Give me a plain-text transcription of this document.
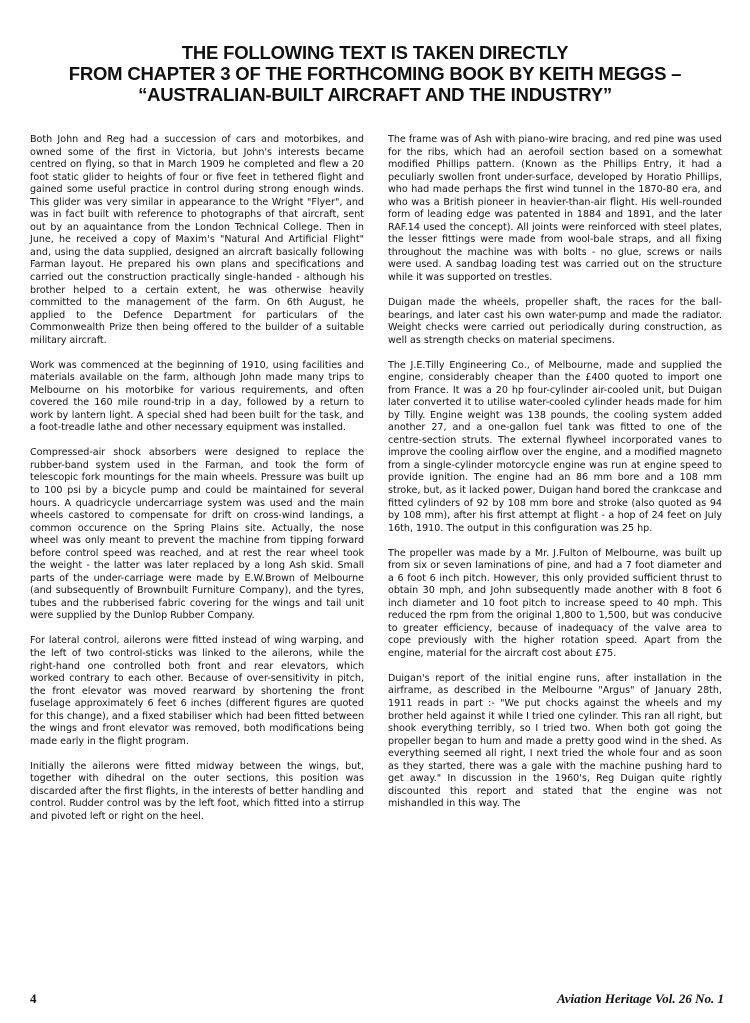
THE FOLLOWING TEXT IS TAKEN DIRECTLY
FROM CHAPTER 3 OF THE FORTHCOMING BOOK BY KEITH MEGGS –
“AUSTRALIAN-BUILT AIRCRAFT AND THE INDUSTRY”

Both John and Reg had a succession of cars and motorbikes, and owned some of the first in Victoria, but John's interests became centred on flying, so that in March 1909 he completed and flew a 20 foot static glider to heights of four or five feet in tethered flight and gained some useful practice in control during strong enough winds. This glider was very similar in appearance to the Wright "Flyer", and was in fact built with reference to photographs of that aircraft, sent out by an aquaintance from the London Technical College. Then in June, he received a copy of Maxim's "Natural And Artificial Flight" and, using the data supplied, designed an aircraft basically following Farman layout. He prepared his own plans and specifications and carried out the construction practically single-handed - although his brother helped to a certain extent, he was otherwise heavily committed to the management of the farm. On 6th August, he applied to the Defence Department for particulars of the Commonwealth Prize then being offered to the builder of a suitable military aircraft.

Work was commenced at the beginning of 1910, using facilities and materials available on the farm, although John made many trips to Melbourne on his motorbike for various requirements, and often covered the 160 mile round-trip in a day, followed by a return to work by lantern light. A special shed had been built for the task, and a foot-treadle lathe and other necessary equipment was installed.

Compressed-air shock absorbers were designed to replace the rubber-band system used in the Farman, and took the form of telescopic fork mountings for the main wheels. Pressure was built up to 100 psi by a bicycle pump and could be maintained for several hours. A quadricycle undercarriage system was used and the main wheels castored to compensate for drift on cross-wind landings, a common occurence on the Spring Plains site. Actually, the nose wheel was only meant to prevent the machine from tipping forward before control speed was reached, and at rest the rear wheel took the weight - the latter was later replaced by a long Ash skid. Small parts of the under-carriage were made by E.W.Brown of Melbourne (and subsequently of Brownbuilt Furniture Company), and the tyres, tubes and the rubberised fabric covering for the wings and tail unit were supplied by the Dunlop Rubber Company.

For lateral control, ailerons were fitted instead of wing warping, and the left of two control-sticks was linked to the ailerons, while the right-hand one controlled both front and rear elevators, which worked contrary to each other. Because of over-sensitivity in pitch, the front elevator was moved rearward by shortening the front fuselage approximately 6 feet 6 inches (different figures are quoted for this change), and a fixed stabiliser which had been fitted between the wings and front elevator was removed, both modifications being made early in the flight program.

Initially the ailerons were fitted midway between the wings, but, together with dihedral on the outer sections, this position was discarded after the first flights, in the interests of better handling and control. Rudder control was by the left foot, which fitted into a stirrup and pivoted left or right on the heel.

The frame was of Ash with piano-wire bracing, and red pine was used for the ribs, which had an aerofoil section based on a somewhat modified Phillips pattern. (Known as the Phillips Entry, it had a peculiarly swollen front under-surface, developed by Horatio Phillips, who had made perhaps the first wind tunnel in the 1870-80 era, and who was a British pioneer in heavier-than-air flight. His well-rounded form of leading edge was patented in 1884 and 1891, and the later RAF.14 used the concept). All joints were reinforced with steel plates, the lesser fittings were made from wool-bale straps, and all fixing throughout the machine was with bolts - no glue, screws or nails were used. A sandbag loading test was carried out on the structure while it was supported on trestles.

Duigan made the wheels, propeller shaft, the races for the ball-bearings, and later cast his own water-pump and made the radiator. Weight checks were carried out periodically during construction, as well as strength checks on material specimens.

The J.E.Tilly Engineering Co., of Melbourne, made and supplied the engine, considerably cheaper than the £400 quoted to import one from France. It was a 20 hp four-cylinder air-cooled unit, but Duigan later converted it to utilise water-cooled cylinder heads made for him by Tilly. Engine weight was 138 pounds, the cooling system added another 27, and a one-gallon fuel tank was fitted to one of the centre-section struts. The external flywheel incorporated vanes to improve the cooling airflow over the engine, and a modified magneto from a single-cylinder motorcycle engine was run at engine speed to provide ignition. The engine had an 86 mm bore and a 108 mm stroke, but, as it lacked power, Duigan hand bored the crankcase and fitted cylinders of 92 by 108 mm bore and stroke (also quoted as 94 by 108 mm), after his first attempt at flight - a hop of 24 feet on July 16th, 1910. The output in this configuration was 25 hp.

The propeller was made by a Mr. J.Fulton of Melbourne, was built up from six or seven laminations of pine, and had a 7 foot diameter and a 6 foot 6 inch pitch. However, this only provided sufficient thrust to obtain 30 mph, and John subsequently made another with 8 foot 6 inch diameter and 10 foot pitch to increase speed to 40 mph. This reduced the rpm from the original 1,800 to 1,500, but was conducive to greater efficiency, because of inadequacy of the valve area to cope previously with the higher rotation speed. Apart from the engine, material for the aircraft cost about £75.

Duigan's report of the initial engine runs, after installation in the airframe, as described in the Melbourne "Argus" of January 28th, 1911 reads in part :- "We put chocks against the wheels and my brother held against it while I tried one cylinder. This ran all right, but shook everything terribly, so I tried two. When both got going the propeller began to hum and made a pretty good wind in the shed. As everything seemed all right, I next tried the whole four and as soon as they started, there was a gale with the machine pushing hard to get away." In discussion in the 1960's, Reg Duigan quite rightly discounted this report and stated that the engine was not mishandled in this way. The

4	Aviation Heritage Vol. 26 No. 1
